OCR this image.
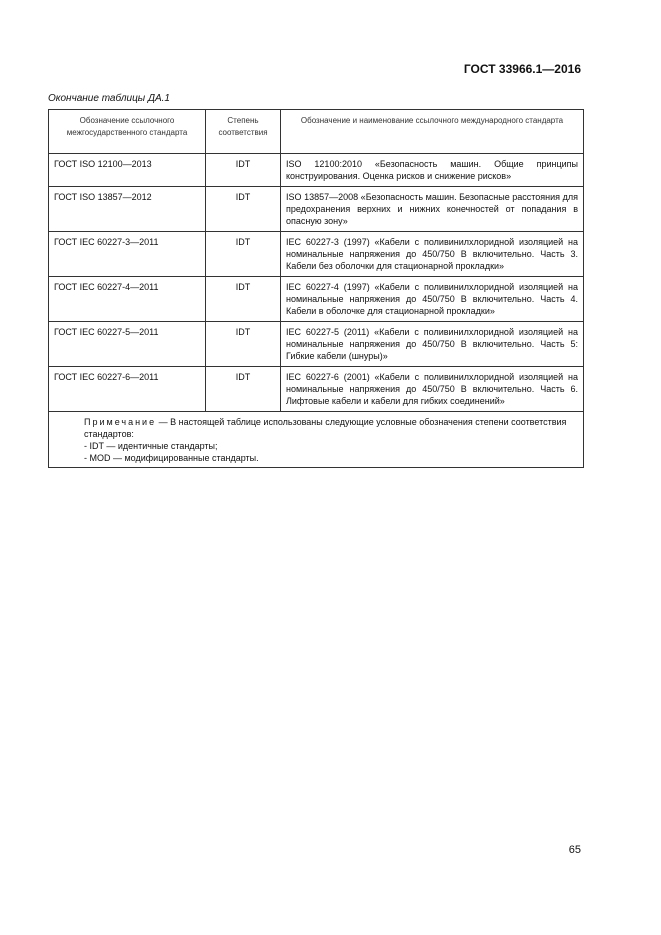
ГОСТ 33966.1—2016
Окончание таблицы ДА.1
Обозначение ссылочного межгосударственного стандарта	Степень соответствия	Обозначение и наименование ссылочного международного стандарта
ГОСТ ISO 12100—2013	IDT	ISO 12100:2010 «Безопасность машин. Общие принципы конструирования. Оценка рисков и снижение рисков»
ГОСТ ISO 13857—2012	IDT	ISO 13857—2008 «Безопасность машин. Безопасные расстояния для предохранения верхних и нижних конечностей от попадания в опасную зону»
ГОСТ IEC 60227-3—2011	IDT	IEC 60227-3 (1997) «Кабели с поливинилхлоридной изоляцией на номинальные напряжения до 450/750 В включительно. Часть 3. Кабели без оболочки для стационарной прокладки»
ГОСТ IEC 60227-4—2011	IDT	IEC 60227-4 (1997) «Кабели с поливинилхлоридной изоляцией на номинальные напряжения до 450/750 В включительно. Часть 4. Кабели в оболочке для стационарной прокладки»
ГОСТ IEC 60227-5—2011	IDT	IEC 60227-5 (2011) «Кабели с поливинилхлоридной изоляцией на номинальные напряжения до 450/750 В включительно. Часть 5: Гибкие кабели (шнуры)»
ГОСТ IEC 60227-6—2011	IDT	IEC 60227-6 (2001) «Кабели с поливинилхлоридной изоляцией на номинальные напряжения до 450/750 В включительно. Часть 6. Лифтовые кабели и кабели для гибких соединений»

Примечание — В настоящей таблице использованы следующие условные обозначения степени соответствия стандартов:
- IDT — идентичные стандарты;
- MOD — модифицированные стандарты.		
65
